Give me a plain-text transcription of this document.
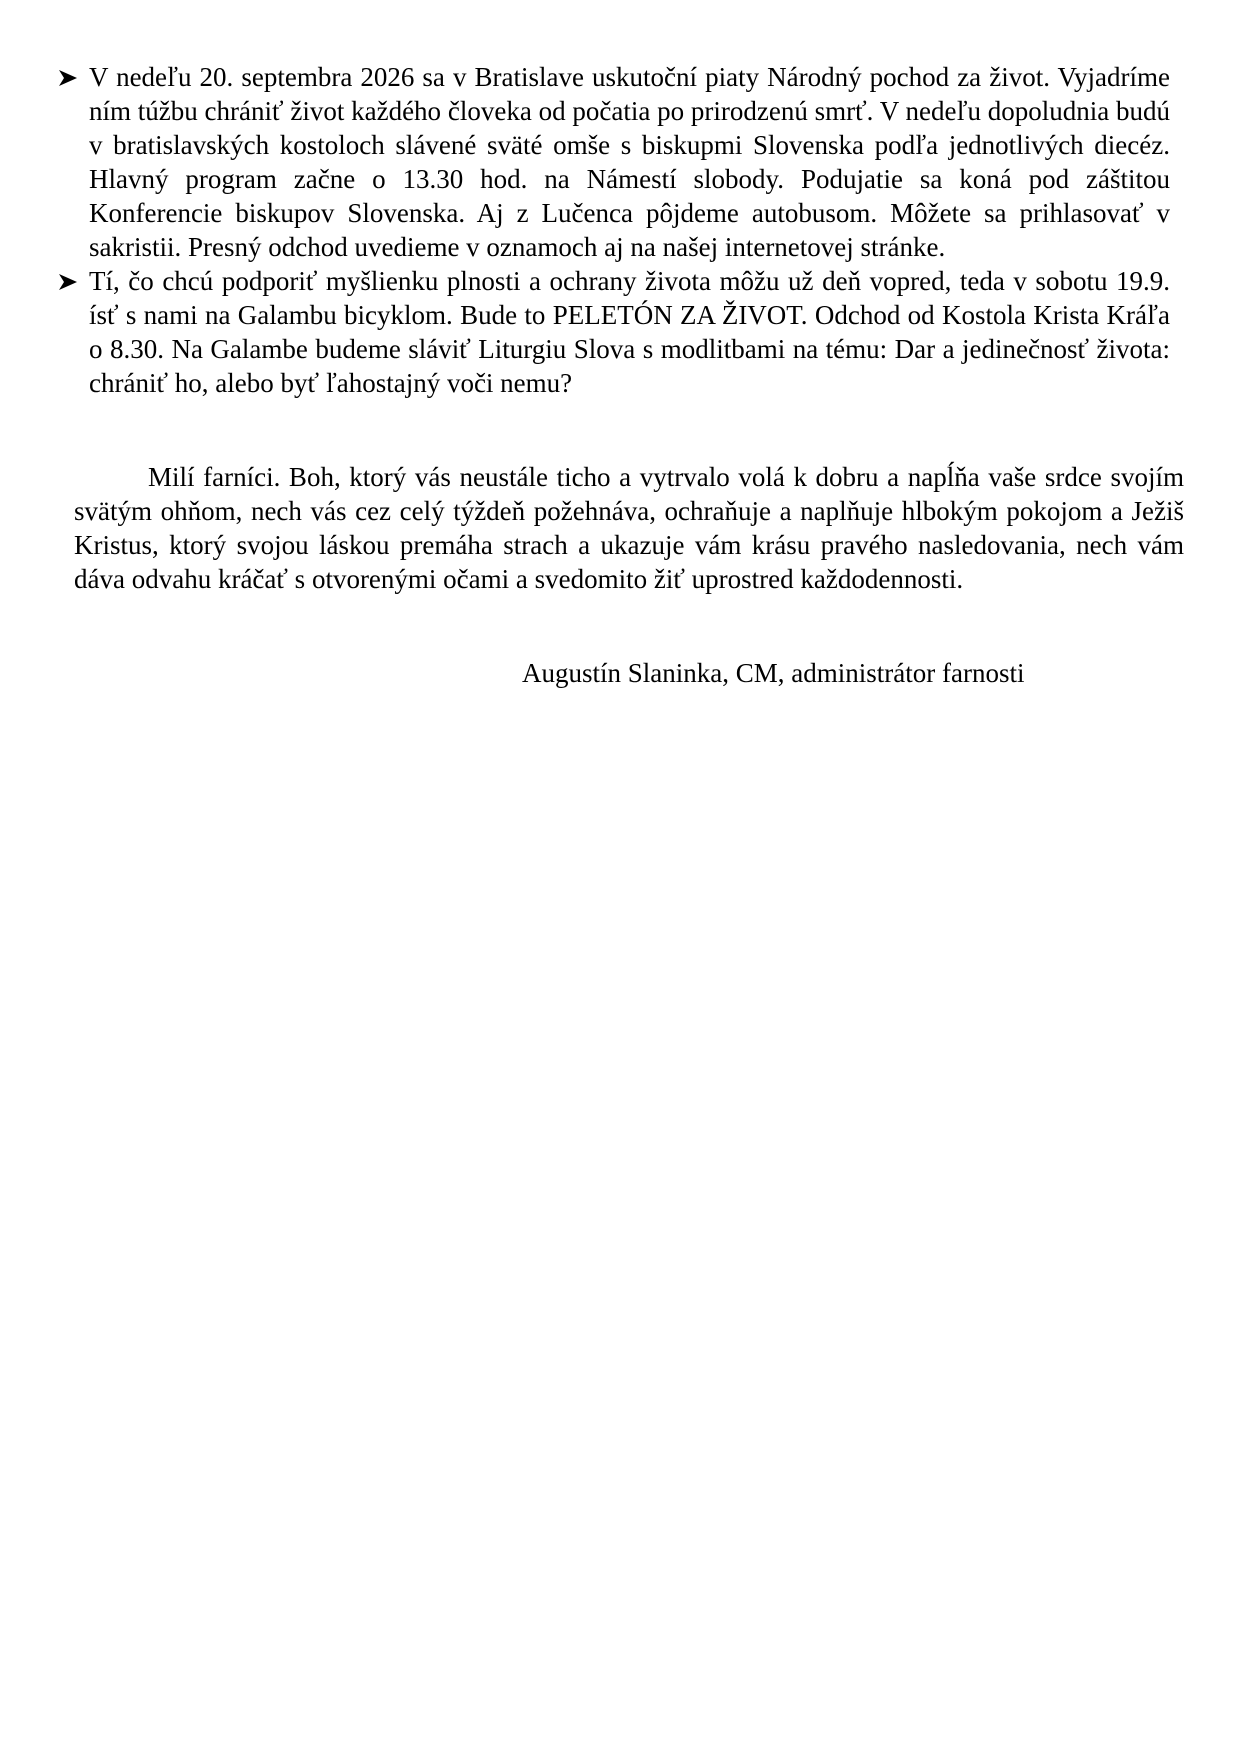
V nedeľu 20. septembra 2026 sa v Bratislave uskutoční piaty Národný pochod za život. Vyjadríme ním túžbu chrániť život každého človeka od počatia po prirodzenú smrť. V nedeľu dopoludnia budú v bratislavských kostoloch slávené sväté omše s biskupmi Slovenska podľa jednotlivých diecéz. Hlavný program začne o 13.30 hod. na Námestí slobody. Podujatie sa koná pod záštitou Konferencie biskupov Slovenska. Aj z Lučenca pôjdeme autobusom. Môžete sa prihlasovať v sakristii. Presný odchod uvedieme v oznamoch aj na našej internetovej stránke.
Tí, čo chcú podporiť myšlienku plnosti a ochrany života môžu už deň vopred, teda v sobotu 19.9. ísť s nami na Galambu bicyklom. Bude to PELETÓN ZA ŽIVOT. Odchod od Kostola Krista Kráľa o 8.30. Na Galambe budeme sláviť Liturgiu Slova s modlitbami na tému: Dar a jedinečnosť života: chrániť ho, alebo byť ľahostajný voči nemu?

Milí farníci. Boh, ktorý vás neustále ticho a vytrvalo volá k dobru a napĺňa vaše srdce svojím svätým ohňom, nech vás cez celý týždeň požehnáva, ochraňuje a naplňuje hlbokým pokojom a Ježiš Kristus, ktorý svojou láskou premáha strach a ukazuje vám krásu pravého nasledovania, nech vám dáva odvahu kráčať s otvorenými očami a svedomito žiť uprostred každodennosti.

Augustín Slaninka, CM, administrátor farnosti
